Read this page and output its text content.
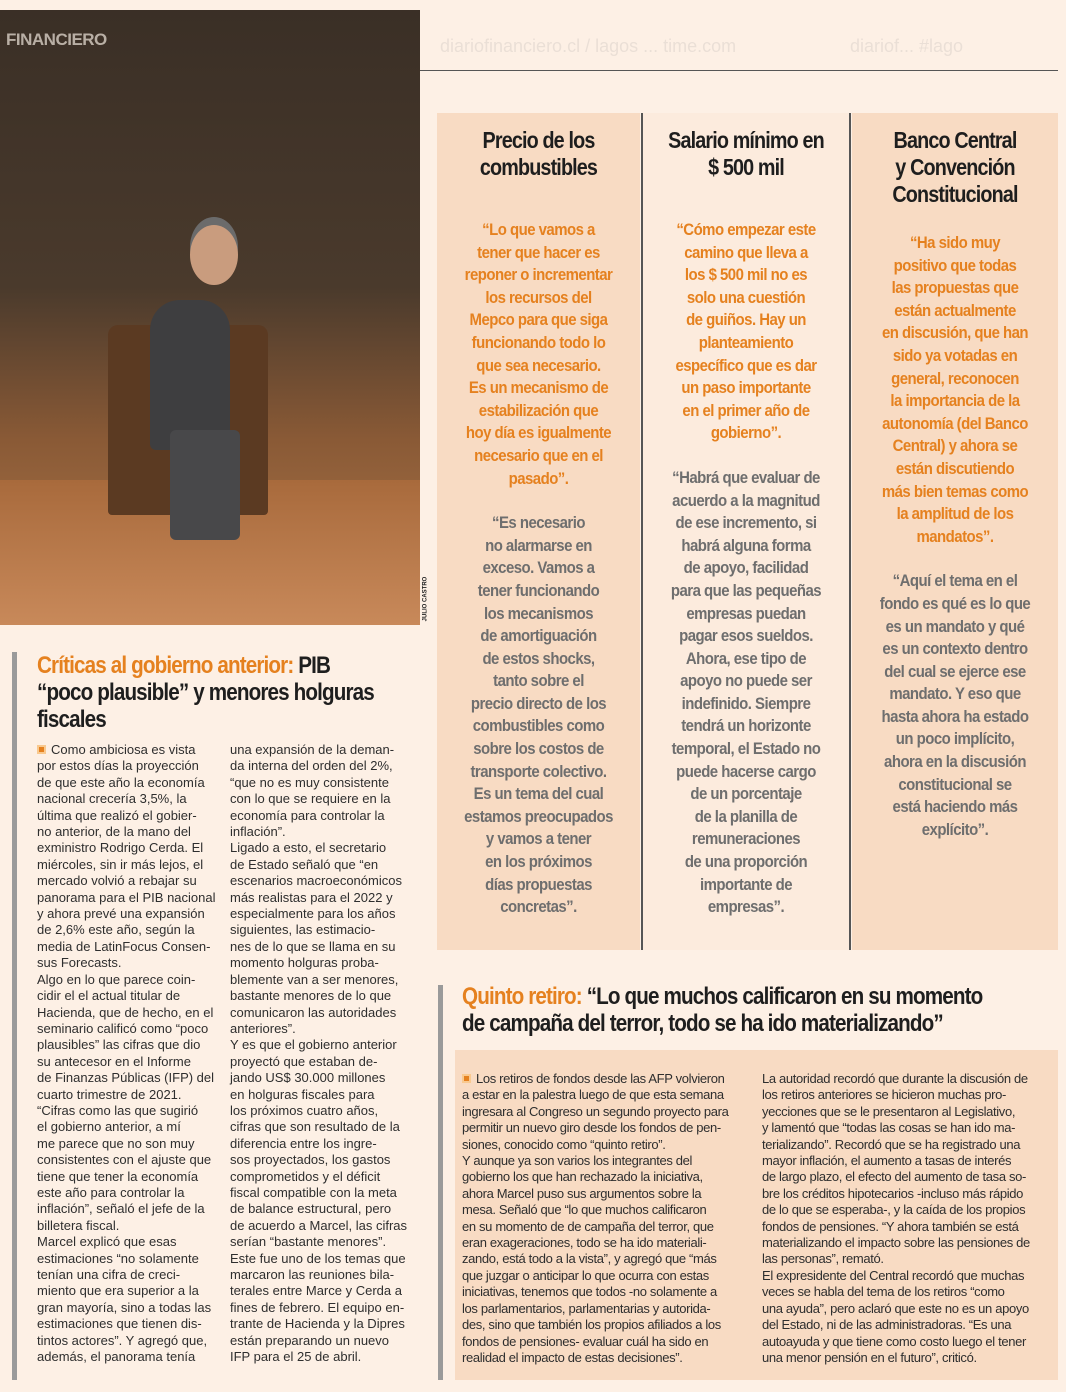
FINANCIERO
JULIO CASTRO
diariofinanciero.cl / lagos ... time.com	diariof... #lago
Precio de los
combustibles
“Lo que vamos a
tener que hacer es
reponer o incrementar
los recursos del
Mepco para que siga
funcionando todo lo
que sea necesario.
Es un mecanismo de
estabilización que
hoy día es igualmente
necesario que en el
pasado”.
“Es necesario
no alarmarse en
exceso. Vamos a
tener funcionando
los mecanismos
de amortiguación
de estos shocks,
tanto sobre el
precio directo de los
combustibles como
sobre los costos de
transporte colectivo.
Es un tema del cual
estamos preocupados
y vamos a tener
en los próximos
días propuestas
concretas”.
Salario mínimo en
$ 500 mil
“Cómo empezar este
camino que lleva a
los $ 500 mil no es
solo una cuestión
de guiños. Hay un
planteamiento
específico que es dar
un paso importante
en el primer año de
gobierno”.
“Habrá que evaluar de
acuerdo a la magnitud
de ese incremento, si
habrá alguna forma
de apoyo, facilidad
para que las pequeñas
empresas puedan
pagar esos sueldos.
Ahora, ese tipo de
apoyo no puede ser
indefinido. Siempre
tendrá un horizonte
temporal, el Estado no
puede hacerse cargo
de un porcentaje
de la planilla de
remuneraciones
de una proporción
importante de
empresas”.
Banco Central
y Convención
Constitucional
“Ha sido muy
positivo que todas
las propuestas que
están actualmente
en discusión, que han
sido ya votadas en
general, reconocen
la importancia de la
autonomía (del Banco
Central) y ahora se
están discutiendo
más bien temas como
la amplitud de los
mandatos”.
“Aquí el tema en el
fondo es qué es lo que
es un mandato y qué
es un contexto dentro
del cual se ejerce ese
mandato. Y eso que
hasta ahora ha estado
un poco implícito,
ahora en la discusión
constitucional se
está haciendo más
explícito”.
Críticas al gobierno anterior: PIB “poco plausible” y menores holguras fiscales
Como ambiciosa es vista
por estos días la proyección
de que este año la economía
nacional crecería 3,5%, la
última que realizó el gobier-
no anterior, de la mano del
exministro Rodrigo Cerda. El
miércoles, sin ir más lejos, el
mercado volvió a rebajar su
panorama para el PIB nacional
y ahora prevé una expansión
de 2,6% este año, según la
media de LatinFocus Consen-
sus Forecasts.
Algo en lo que parece coin-
cidir el el actual titular de
Hacienda, que de hecho, en el
seminario calificó como “poco
plausibles” las cifras que dio
su antecesor en el Informe
de Finanzas Públicas (IFP) del
cuarto trimestre de 2021.
“Cifras como las que sugirió
el gobierno anterior, a mí
me parece que no son muy
consistentes con el ajuste que
tiene que tener la economía
este año para controlar la
inflación”, señaló el jefe de la
billetera fiscal.
Marcel explicó que esas
estimaciones “no solamente
tenían una cifra de creci-
miento que era superior a la
gran mayoría, sino a todas las
estimaciones que tienen dis-
tintos actores”. Y agregó que,
además, el panorama tenía
una expansión de la deman-
da interna del orden del 2%,
“que no es muy consistente
con lo que se requiere en la
economía para controlar la
inflación”.
Ligado a esto, el secretario
de Estado señaló que “en
escenarios macroeconómicos
más realistas para el 2022 y
especialmente para los años
siguientes, las estimacio-
nes de lo que se llama en su
momento holguras proba-
blemente van a ser menores,
bastante menores de lo que
comunicaron las autoridades
anteriores”.
Y es que el gobierno anterior
proyectó que estaban de-
jando US$ 30.000 millones
en holguras fiscales para
los próximos cuatro años,
cifras que son resultado de la
diferencia entre los ingre-
sos proyectados, los gastos
comprometidos y el déficit
fiscal compatible con la meta
de balance estructural, pero
de acuerdo a Marcel, las cifras
serían “bastante menores”.
Este fue uno de los temas que
marcaron las reuniones bila-
terales entre Marce y Cerda a
fines de febrero. El equipo en-
trante de Hacienda y la Dipres
están preparando un nuevo
IFP para el 25 de abril.
Quinto retiro: “Lo que muchos calificaron en su momento de campaña del terror, todo se ha ido materializando”
Los retiros de fondos desde las AFP volvieron
a estar en la palestra luego de que esta semana
ingresara al Congreso un segundo proyecto para
permitir un nuevo giro desde los fondos de pen-
siones, conocido como “quinto retiro”.
Y aunque ya son varios los integrantes del
gobierno los que han rechazado la iniciativa,
ahora Marcel puso sus argumentos sobre la
mesa. Señaló que “lo que muchos calificaron
en su momento de de campaña del terror, que
eran exageraciones, todo se ha ido materiali-
zando, está todo a la vista”, y agregó que “más
que juzgar o anticipar lo que ocurra con estas
iniciativas, tenemos que todos -no solamente a
los parlamentarios, parlamentarias y autorida-
des, sino que también los propios afiliados a los
fondos de pensiones- evaluar cuál ha sido en
realidad el impacto de estas decisiones”.
La autoridad recordó que durante la discusión de
los retiros anteriores se hicieron muchas pro-
yecciones que se le presentaron al Legislativo,
y lamentó que “todas las cosas se han ido ma-
terializando”. Recordó que se ha registrado una
mayor inflación, el aumento a tasas de interés
de largo plazo, el efecto del aumento de tasa so-
bre los créditos hipotecarios -incluso más rápido
de lo que se esperaba-, y la caída de los propios
fondos de pensiones. “Y ahora también se está
materializando el impacto sobre las pensiones de
las personas”, remató.
El expresidente del Central recordó que muchas
veces se habla del tema de los retiros “como
una ayuda”, pero aclaró que este no es un apoyo
del Estado, ni de las administradoras. “Es una
autoayuda y que tiene como costo luego el tener
una menor pensión en el futuro”, criticó.
